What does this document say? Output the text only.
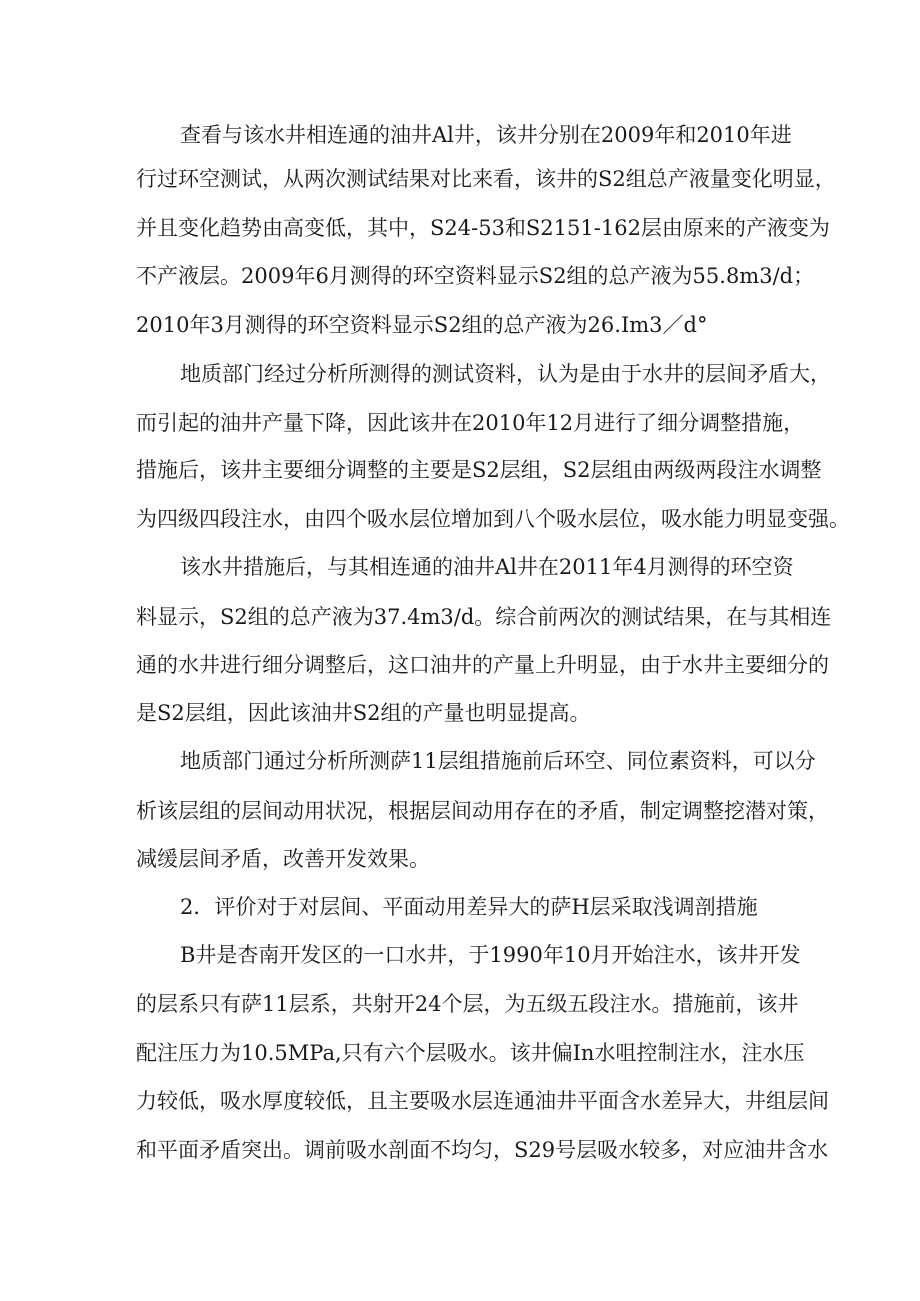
查看与该水井相连通的油井Al井，该井分别在2009年和2010年进
行过环空测试，从两次测试结果对比来看，该井的S2组总产液量变化明显，
并且变化趋势由高变低，其中，S24-53和S2151-162层由原来的产液变为
不产液层。2009年6月测得的环空资料显示S2组的总产液为55.8m3/d；
2010年3月测得的环空资料显示S2组的总产液为26.Im3／d°
地质部门经过分析所测得的测试资料，认为是由于水井的层间矛盾大，
而引起的油井产量下降，因此该井在2010年12月进行了细分调整措施，
措施后，该井主要细分调整的主要是S2层组，S2层组由两级两段注水调整
为四级四段注水，由四个吸水层位增加到八个吸水层位，吸水能力明显变强。
该水井措施后，与其相连通的油井Al井在2011年4月测得的环空资
料显示，S2组的总产液为37.4m3/d。综合前两次的测试结果，在与其相连
通的水井进行细分调整后，这口油井的产量上升明显，由于水井主要细分的
是S2层组，因此该油井S2组的产量也明显提高。
地质部门通过分析所测萨11层组措施前后环空、同位素资料，可以分
析该层组的层间动用状况，根据层间动用存在的矛盾，制定调整挖潜对策，
减缓层间矛盾，改善开发效果。
2．评价对于对层间、平面动用差异大的萨H层采取浅调剖措施
B井是杏南开发区的一口水井，于1990年10月开始注水，该井开发
的层系只有萨11层系，共射开24个层，为五级五段注水。措施前，该井
配注压力为10.5MPa,只有六个层吸水。该井偏In水咀控制注水，注水压
力较低，吸水厚度较低，且主要吸水层连通油井平面含水差异大，井组层间
和平面矛盾突出。调前吸水剖面不均匀，S29号层吸水较多，对应油井含水
